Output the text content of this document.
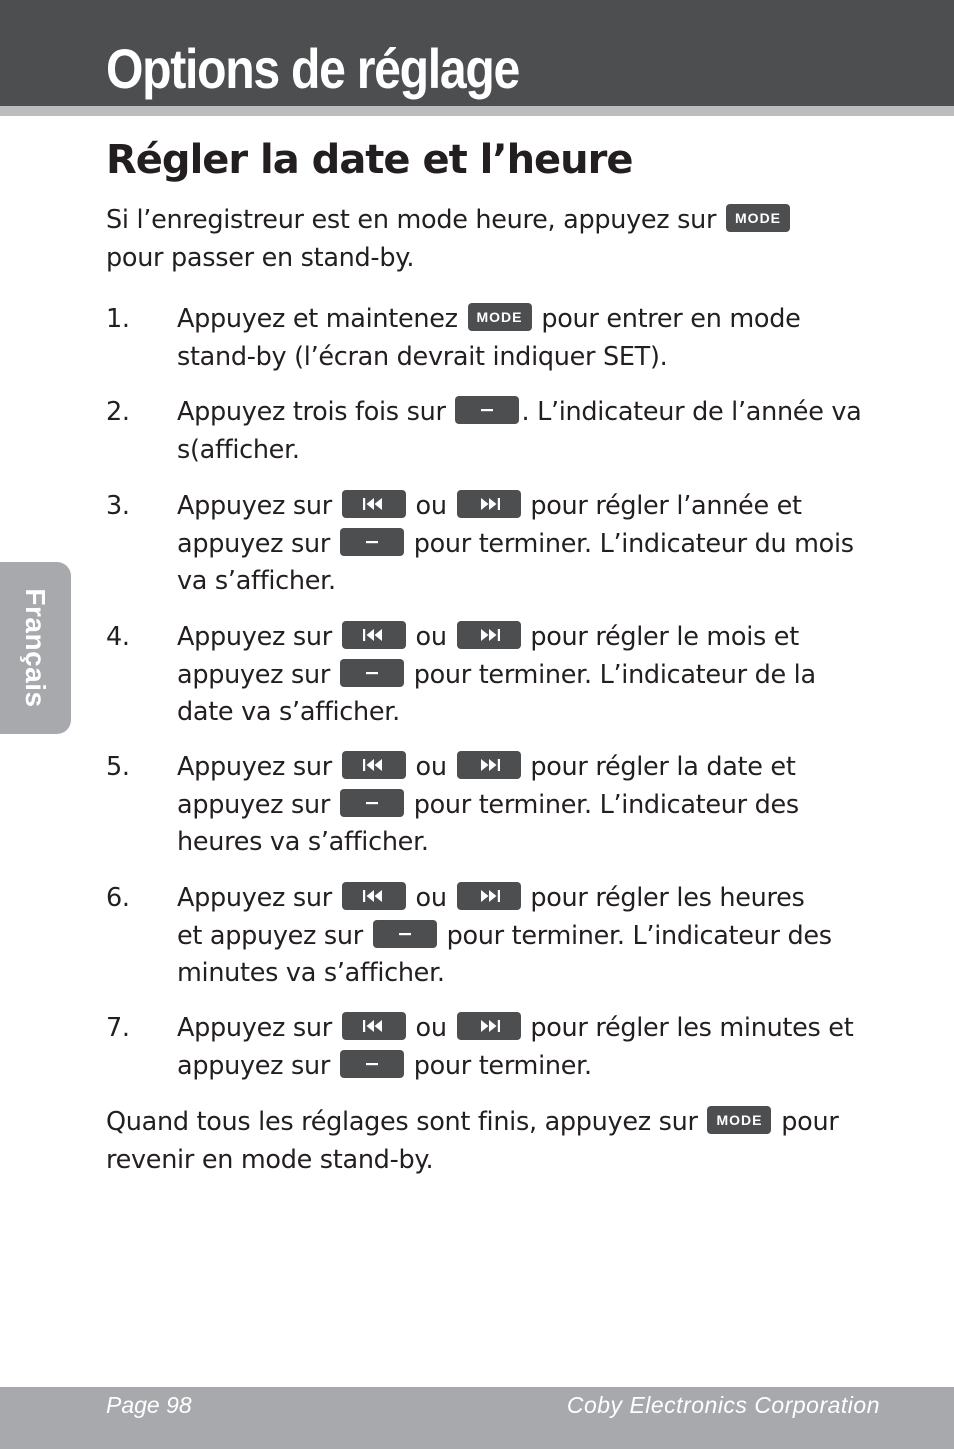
Options de réglage
Régler la date et l’heure
Si l’enregistreur est en mode heure, appuyez sur MODE
pour passer en stand-by.
1. Appuyez et maintenez MODE pour entrer en mode
stand-by (l’écran devrait indiquer SET).
2. Appuyez trois fois sur	. L’indicateur de l’année va
s(afficher.
3. Appuyez sur	ou	pour régler l’année et
appuyez sur	pour terminer. L’indicateur du mois
va s’afficher.
4. Appuyez sur	ou	pour régler le mois et
appuyez sur	pour terminer. L’indicateur de la
date va s’afficher.
5. Appuyez sur	ou	pour régler la date et
appuyez sur	pour terminer. L’indicateur des
heures va s’afficher.
6. Appuyez sur	ou	pour régler les heures
et appuyez sur	pour terminer. L’indicateur des
minutes va s’afficher.
7. Appuyez sur	ou	pour régler les minutes et
appuyez sur	pour terminer.
Quand tous les réglages sont finis, appuyez sur MODE pour
revenir en mode stand-by.
Français
Page 98	Coby Electronics Corporation
